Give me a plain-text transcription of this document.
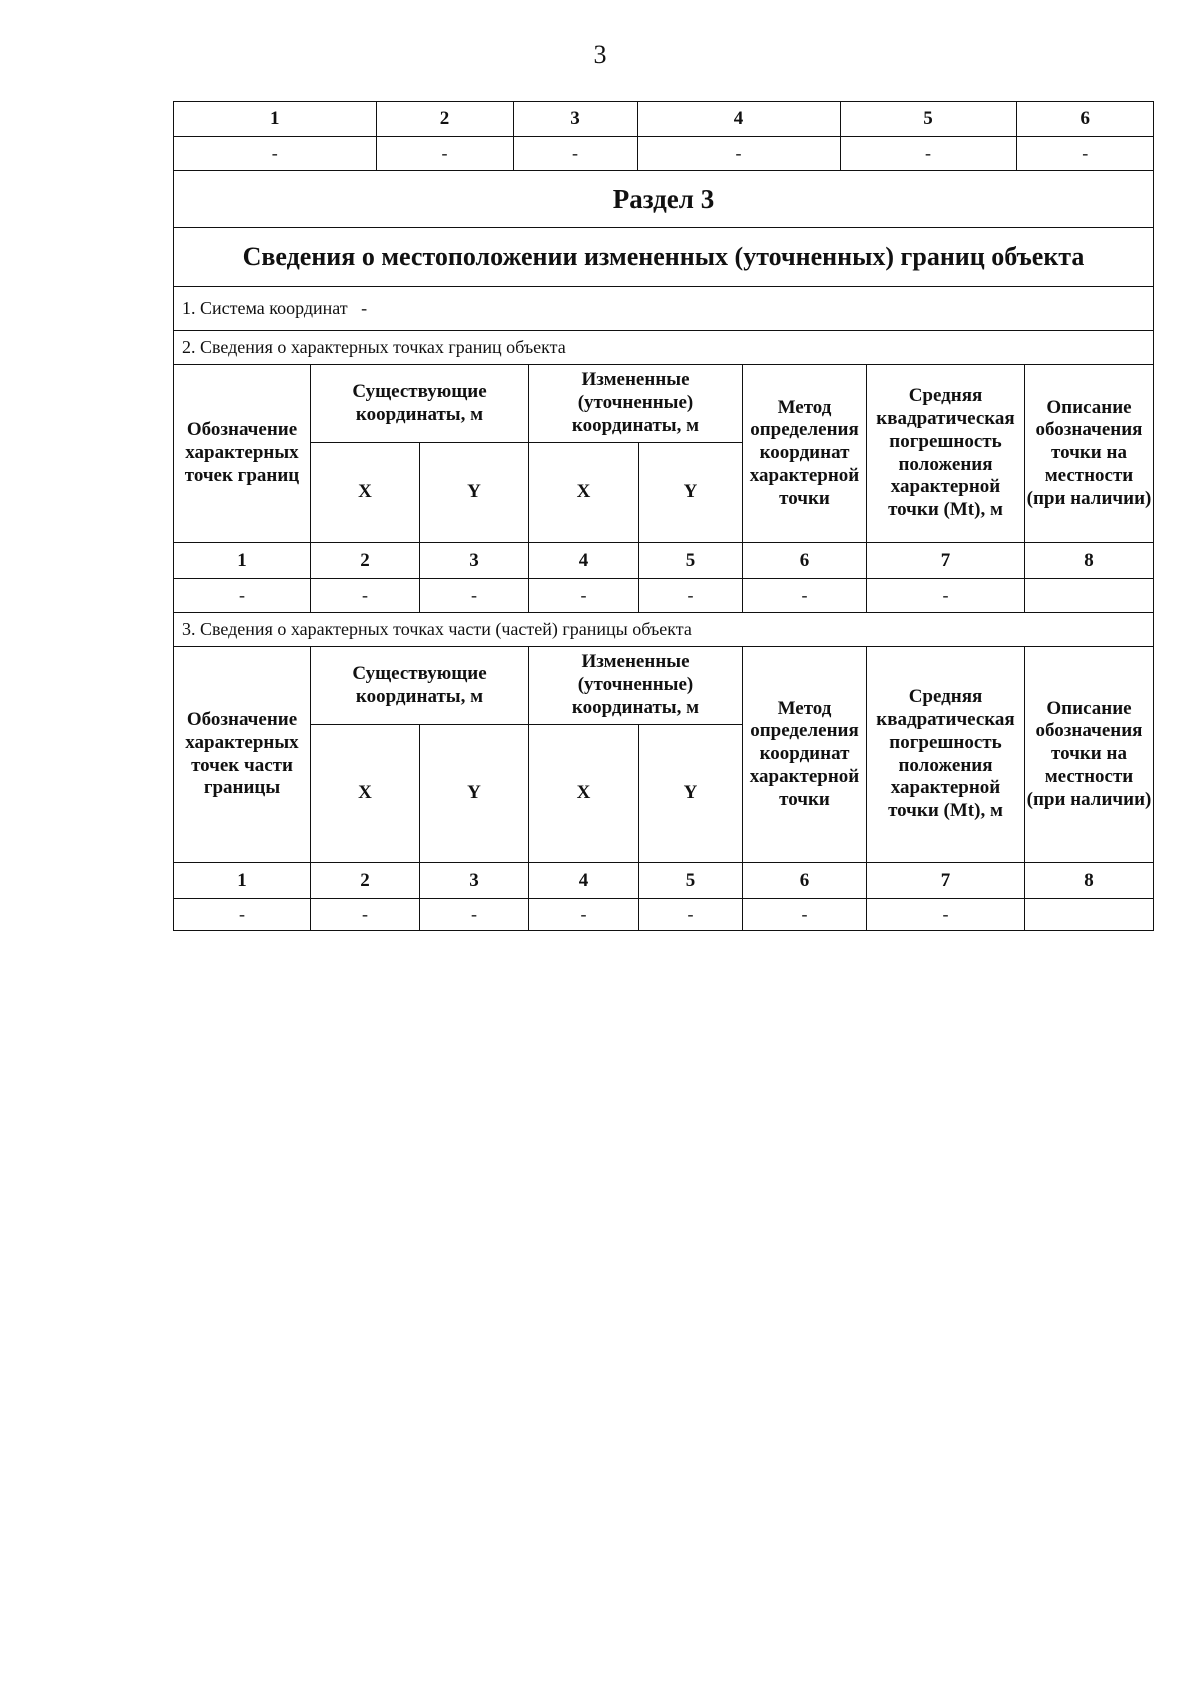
3
1	2	3	4	5	6
-	-	-	-	-	-

Раздел 3
Сведения о местоположении измененных (уточненных) границ объекта
1. Система координат -
2. Сведения о характерных точках границ объекта
Обозначение характерных точек границ	Существующие координаты, м	Измененные (уточненные) координаты, м	Метод определения координат характерной точки	Средняя квадратическая погрешность положения характерной точки (Mt), м	Описание обозначения точки на местности (при наличии)
X	Y	X	Y
1	2	3	4	5	6	7	8
-	-	-	-	-	-	-	
3. Сведения о характерных точках части (частей) границы объекта
Обозначение характерных точек части границы	Существующие координаты, м	Измененные (уточненные) координаты, м	Метод определения координат характерной точки	Средняя квадратическая погрешность положения характерной точки (Mt), м	Описание обозначения точки на местности (при наличии)
X	Y	X	Y
1	2	3	4	5	6	7	8
-	-	-	-	-	-	-	
